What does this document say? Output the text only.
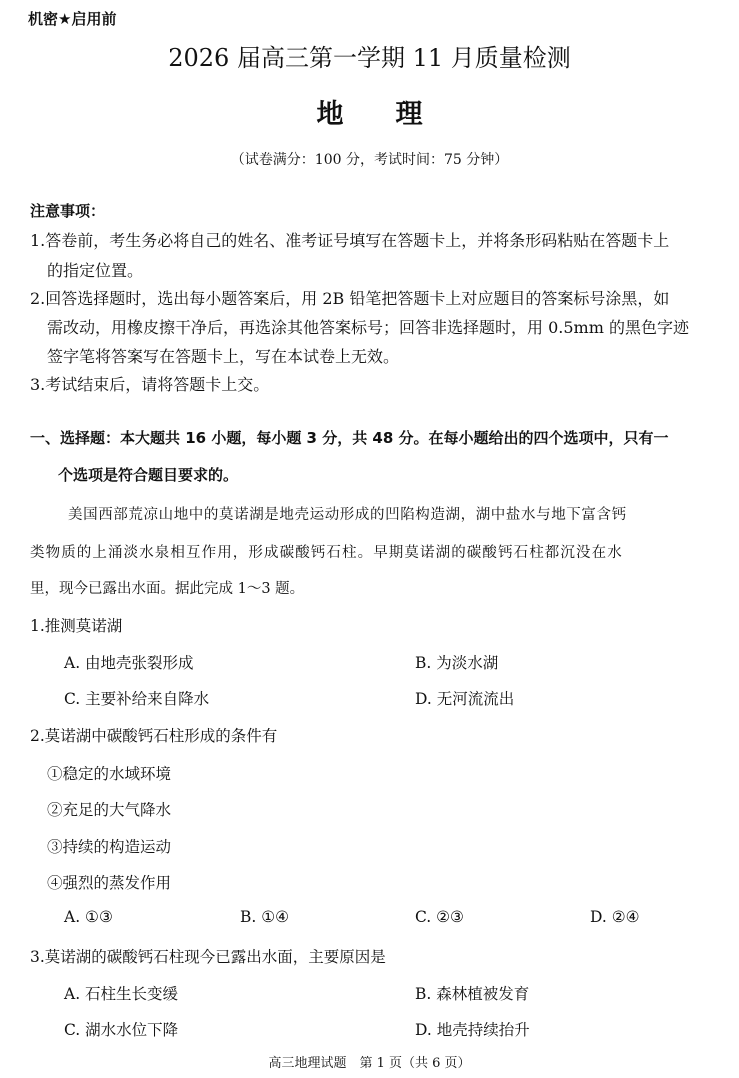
机密★启用前
2026 届高三第一学期 11 月质量检测
地理
（试卷满分：100 分，考试时间：75 分钟）
注意事项：
1.答卷前，考生务必将自己的姓名、准考证号填写在答题卡上，并将条形码粘贴在答题卡上
的指定位置。
2.回答选择题时，选出每小题答案后，用 2B 铅笔把答题卡上对应题目的答案标号涂黑，如
需改动，用橡皮擦干净后，再选涂其他答案标号；回答非选择题时，用 0.5mm 的黑色字迹
签字笔将答案写在答题卡上，写在本试卷上无效。
3.考试结束后，请将答题卡上交。
一、选择题：本大题共 16 小题，每小题 3 分，共 48 分。在每小题给出的四个选项中，只有一
个选项是符合题目要求的。
美国西部荒凉山地中的莫诺湖是地壳运动形成的凹陷构造湖，湖中盐水与地下富含钙
类物质的上涌淡水泉相互作用，形成碳酸钙石柱。早期莫诺湖的碳酸钙石柱都沉没在水
里，现今已露出水面。据此完成 1～3 题。
1.推测莫诺湖
A. 由地壳张裂形成	B. 为淡水湖
C. 主要补给来自降水	D. 无河流流出
2.莫诺湖中碳酸钙石柱形成的条件有
①稳定的水域环境
②充足的大气降水
③持续的构造运动
④强烈的蒸发作用
A. ①③	B. ①④	C. ②③	D. ②④
3.莫诺湖的碳酸钙石柱现今已露出水面，主要原因是
A. 石柱生长变缓	B. 森林植被发育
C. 湖水水位下降	D. 地壳持续抬升
高三地理试题　第 1 页（共 6 页）
